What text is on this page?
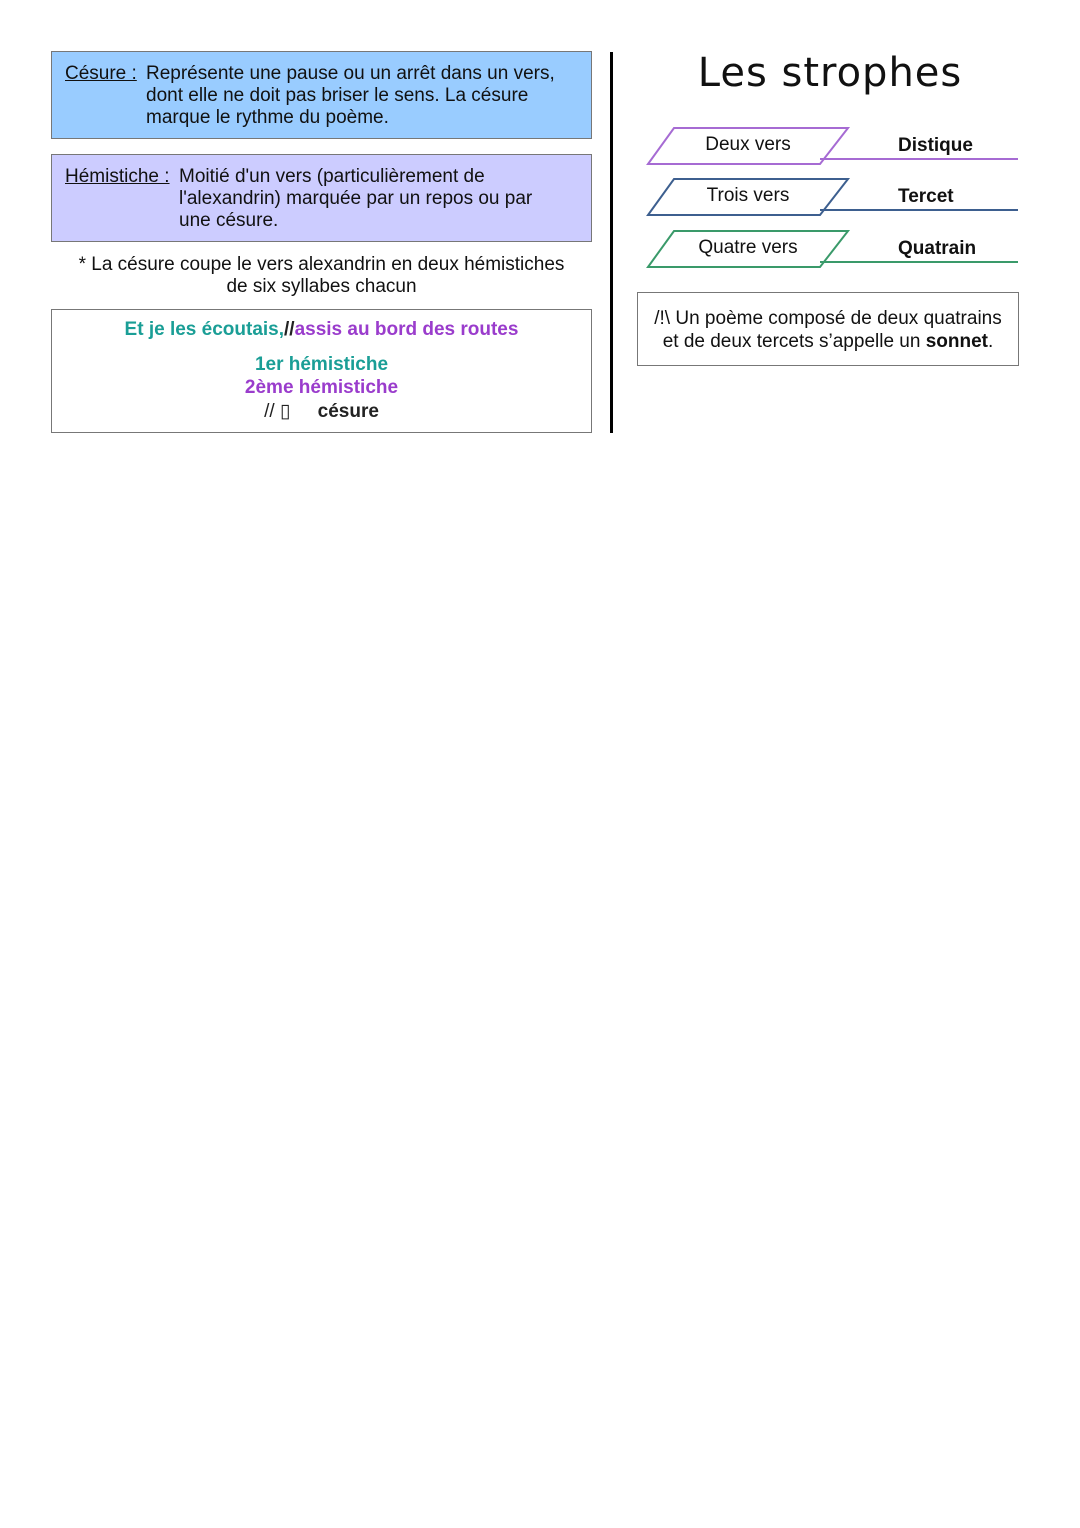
Césure : Représente une pause ou un arrêt dans un vers,
dont elle ne doit pas briser le sens. La césure
marque le rythme du poème.
Hémistiche : Moitié d'un vers (particulièrement de
l'alexandrin) marquée par un repos ou par
une césure.
* La césure coupe le vers alexandrin en deux hémistiches
de six syllabes chacun
Et je les écoutais,//assis au bord des routes
1er hémistiche
2ème hémistiche
// ▯ césure
Les strophes
Deux vers	Distique
Trois vers	Tercet
Quatre vers	Quatrain
/!\ Un poème composé de deux quatrains
et de deux tercets s’appelle un sonnet.
